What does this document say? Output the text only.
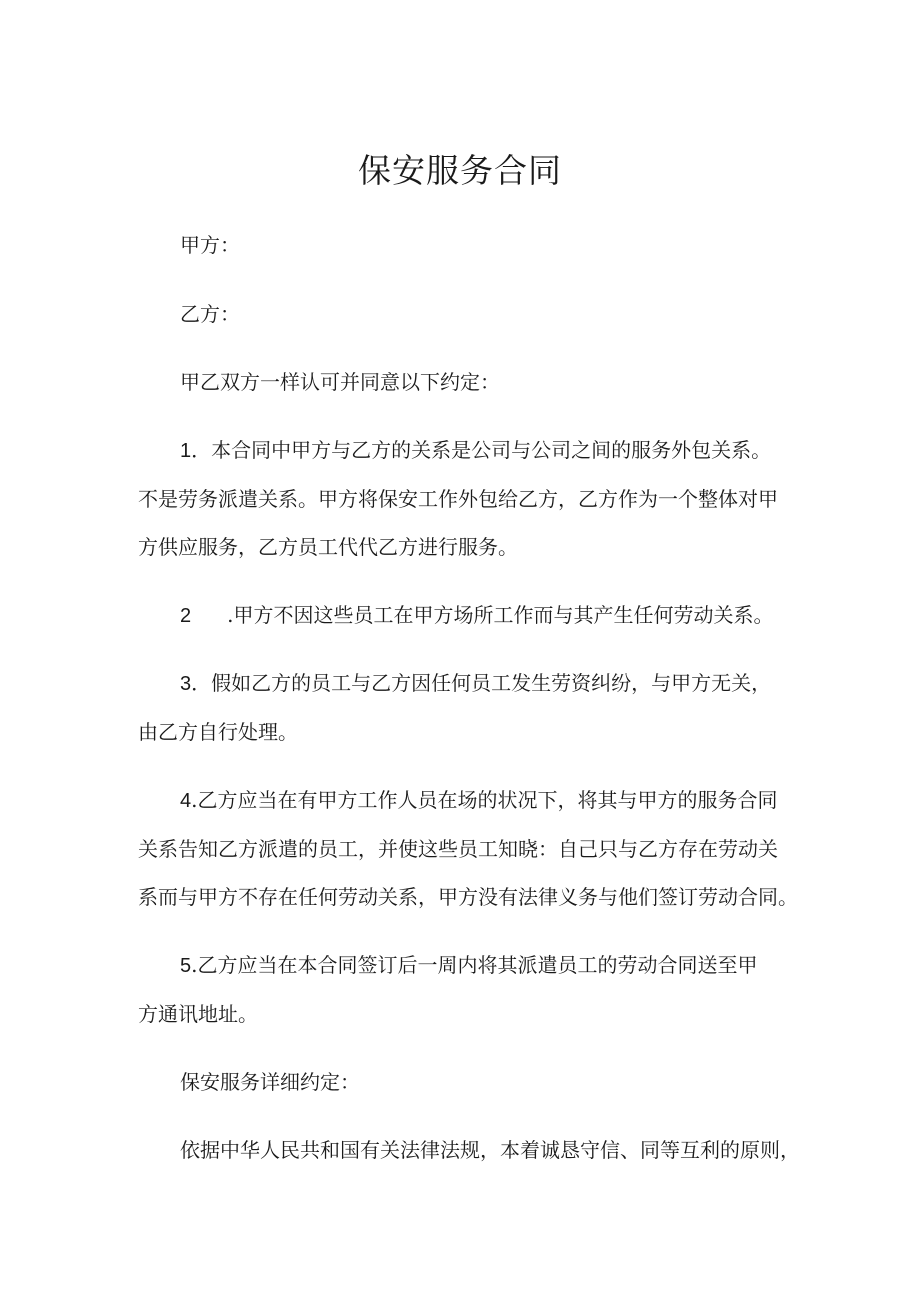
保安服务合同
甲方：
乙方：
甲乙双方一样认可并同意以下约定：
1．本合同中甲方与乙方的关系是公司与公司之间的服务外包关系。
不是劳务派遣关系。甲方将保安工作外包给乙方，乙方作为一个整体对甲
方供应服务，乙方员工代代乙方进行服务。
2 .甲方不因这些员工在甲方场所工作而与其产生任何劳动关系。
3．假如乙方的员工与乙方因任何员工发生劳资纠纷，与甲方无关，
由乙方自行处理。
4.乙方应当在有甲方工作人员在场的状况下，将其与甲方的服务合同
关系告知乙方派遣的员工，并使这些员工知晓：自己只与乙方存在劳动关
系而与甲方不存在任何劳动关系，甲方没有法律义务与他们签订劳动合同。
5.乙方应当在本合同签订后一周内将其派遣员工的劳动合同送至甲
方通讯地址。
保安服务详细约定：
依据中华人民共和国有关法律法规，本着诚恳守信、同等互利的原则，
